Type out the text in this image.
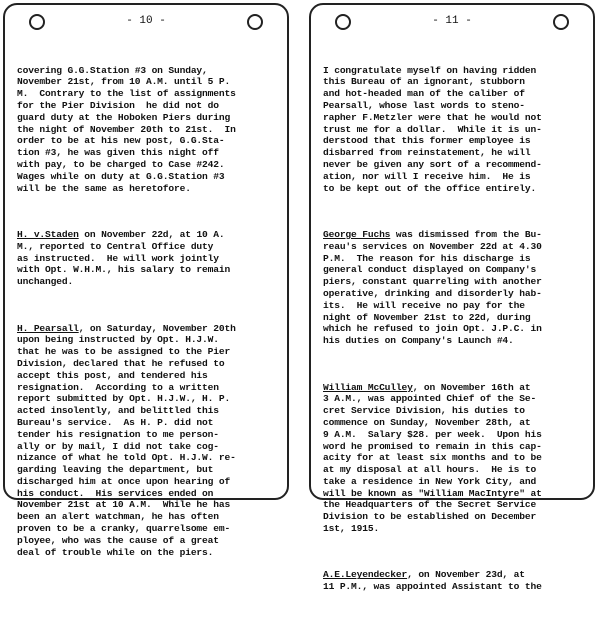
- 10 -

covering G.G.Station #3 on Sunday,
November 21st, from 10 A.M. until 5 P.
M.  Contrary to the list of assignments
for the Pier Division  he did not do
guard duty at the Hoboken Piers during
the night of November 20th to 21st.  In
order to be at his new post, G.G.Sta-
tion #3, he was given this night off
with pay, to be charged to Case #242.
Wages while on duty at G.G.Station #3
will be the same as heretofore.

H. v.Staden on November 22d, at 10 A.
M., reported to Central Office duty
as instructed.  He will work jointly
with Opt. W.H.M., his salary to remain
unchanged.

H. Pearsall, on Saturday, November 20th
upon being instructed by Opt. H.J.W.
that he was to be assigned to the Pier
Division, declared that he refused to
accept this post, and tendered his
resignation.  According to a written
report submitted by Opt. H.J.W., H. P.
acted insolently, and belittled this
Bureau's service.  As H. P. did not
tender his resignation to me person-
ally or by mail, I did not take cog-
nizance of what he told Opt. H.J.W. re-
garding leaving the department, but
discharged him at once upon hearing of
his conduct.  His services ended on
November 21st at 10 A.M.  While he has
been an alert watchman, he has often
proven to be a cranky, quarrelsome em-
ployee, who was the cause of a great
deal of trouble while on the piers.

- 11 -

I congratulate myself on having ridden
this Bureau of an ignorant, stubborn
and hot-headed man of the caliber of
Pearsall, whose last words to steno-
rapher F.Metzler were that he would not
trust me for a dollar.  While it is un-
derstood that this former employee is
disbarred from reinstatement, he will
never be given any sort of a recommend-
ation, nor will I receive him.  He is
to be kept out of the office entirely.

George Fuchs was dismissed from the Bu-
reau's services on November 22d at 4.30
P.M.  The reason for his discharge is
general conduct displayed on Company's
piers, constant quarreling with another
operative, drinking and disorderly hab-
its.  He will receive no pay for the
night of November 21st to 22d, during
which he refused to join Opt. J.P.C. in
his duties on Company's Launch #4.

William McCulley, on November 16th at
3 A.M., was appointed Chief of the Se-
cret Service Division, his duties to
commence on Sunday, November 28th, at
9 A.M.  Salary $28. per week.  Upon his
word he promised to remain in this cap-
acity for at least six months and to be
at my disposal at all hours.  He is to
take a residence in New York City, and
will be known as "William MacIntyre" at
the Headquarters of the Secret Service
Division to be established on December
1st, 1915.

A.E.Leyendecker, on November 23d, at
11 P.M., was appointed Assistant to the
